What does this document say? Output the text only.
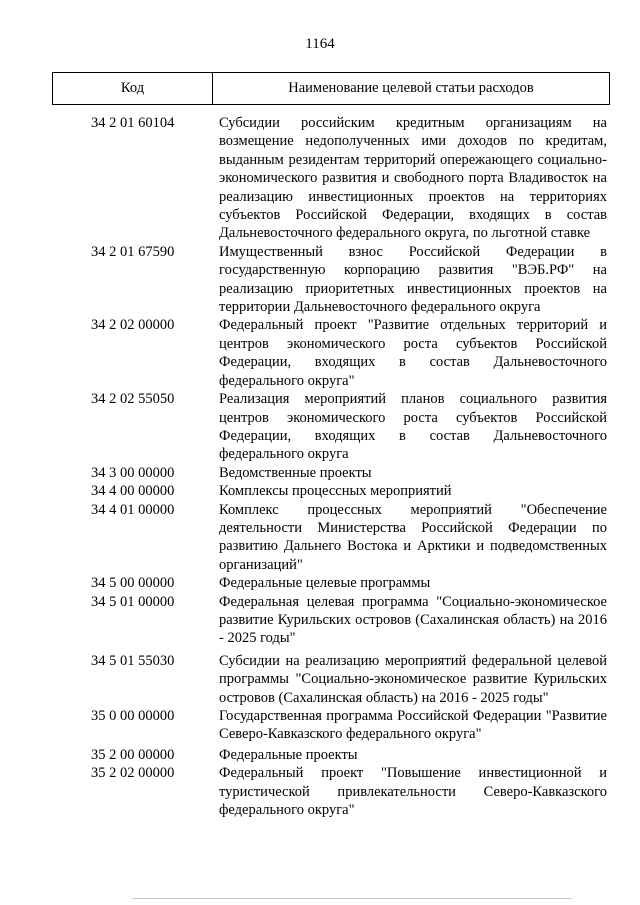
1164
Код	Наименование целевой статьи расходов
34 2 01 60104	Субсидии российским кредитным организациям на возмещение недополученных ими доходов по кредитам, выданным резидентам территорий опережающего социально-экономического развития и свободного порта Владивосток на реализацию инвестиционных проектов на территориях субъектов Российской Федерации, входящих в состав Дальневосточного федерального округа, по льготной ставке
34 2 01 67590	Имущественный взнос Российской Федерации в государственную корпорацию развития "ВЭБ.РФ" на реализацию приоритетных инвестиционных проектов на территории Дальневосточного федерального округа
34 2 02 00000	Федеральный проект "Развитие отдельных территорий и центров экономического роста субъектов Российской Федерации, входящих в состав Дальневосточного федерального округа"
34 2 02 55050	Реализация мероприятий планов социального развития центров экономического роста субъектов Российской Федерации, входящих в состав Дальневосточного федерального округа
34 3 00 00000	Ведомственные проекты
34 4 00 00000	Комплексы процессных мероприятий
34 4 01 00000	Комплекс процессных мероприятий "Обеспечение деятельности Министерства Российской Федерации по развитию Дальнего Востока и Арктики и подведомственных организаций"
34 5 00 00000	Федеральные целевые программы
34 5 01 00000	Федеральная целевая программа "Социально-экономическое развитие Курильских островов (Сахалинская область) на 2016 - 2025 годы"
34 5 01 55030	Субсидии на реализацию мероприятий федеральной целевой программы "Социально-экономическое развитие Курильских островов (Сахалинская область) на 2016 - 2025 годы"
35 0 00 00000	Государственная программа Российской Федерации "Развитие Северо-Кавказского федерального округа"
35 2 00 00000	Федеральные проекты
35 2 02 00000	Федеральный проект "Повышение инвестиционной и туристической привлекательности Северо-Кавказского федерального округа"
